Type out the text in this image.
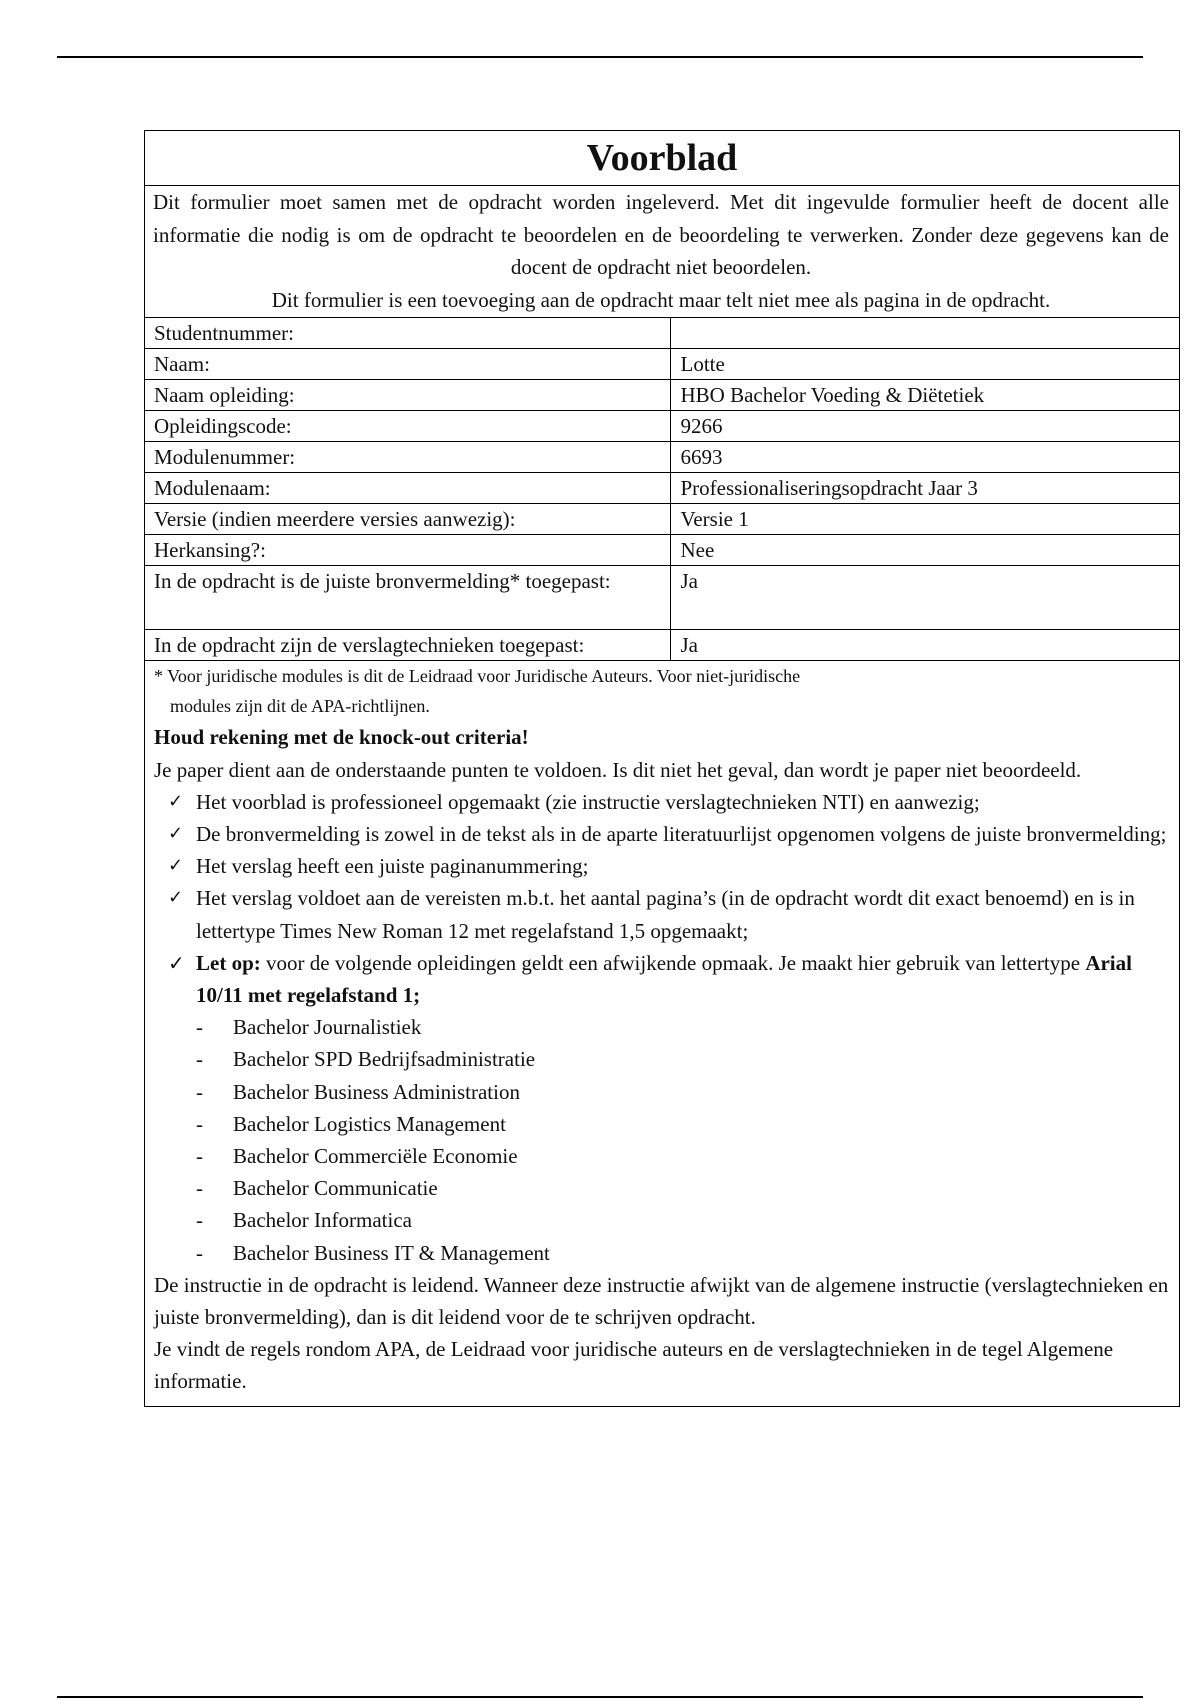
Voorblad

Dit formulier moet samen met de opdracht worden ingeleverd. Met dit ingevulde formulier heeft de docent alle informatie die nodig is om de opdracht te beoordelen en de beoordeling te verwerken. Zonder deze gegevens kan de docent de opdracht niet beoordelen.

Dit formulier is een toevoeging aan de opdracht maar telt niet mee als pagina in de opdracht.

Studentnummer:	
Naam:	Lotte
Naam opleiding:	HBO Bachelor Voeding & Diëtetiek
Opleidingscode:	9266
Modulenummer:	6693
Modulenaam:	Professionaliseringsopdracht Jaar 3
Versie (indien meerdere versies aanwezig):	Versie 1
Herkansing?:	Nee
In de opdracht is de juiste bronvermelding* toegepast:	Ja
In de opdracht zijn de verslagtechnieken toegepast:	Ja
* Voor juridische modules is dit de Leidraad voor Juridische Auteurs. Voor niet-juridische
modules zijn dit de APA-richtlijnen.

Houd rekening met de knock-out criteria!

Je paper dient aan de onderstaande punten te voldoen. Is dit niet het geval, dan wordt je paper niet beoordeeld.

✓ Het voorblad is professioneel opgemaakt (zie instructie verslagtechnieken NTI) en aanwezig;
✓ De bronvermelding is zowel in de tekst als in de aparte literatuurlijst opgenomen volgens de juiste bronvermelding;
✓ Het verslag heeft een juiste paginanummering;
✓ Het verslag voldoet aan de vereisten m.b.t. het aantal pagina’s (in de opdracht wordt dit exact benoemd) en is in lettertype Times New Roman 12 met regelafstand 1,5 opgemaakt;
✓ Let op: voor de volgende opleidingen geldt een afwijkende opmaak. Je maakt hier gebruik van lettertype Arial 10/11 met regelafstand 1;
- Bachelor Journalistiek
- Bachelor SPD Bedrijfsadministratie
- Bachelor Business Administration
- Bachelor Logistics Management
- Bachelor Commerciële Economie
- Bachelor Communicatie
- Bachelor Informatica
- Bachelor Business IT & Management

De instructie in de opdracht is leidend. Wanneer deze instructie afwijkt van de algemene instructie (verslagtechnieken en juiste bronvermelding), dan is dit leidend voor de te schrijven opdracht.

Je vindt de regels rondom APA, de Leidraad voor juridische auteurs en de verslagtechnieken in de tegel Algemene informatie.
